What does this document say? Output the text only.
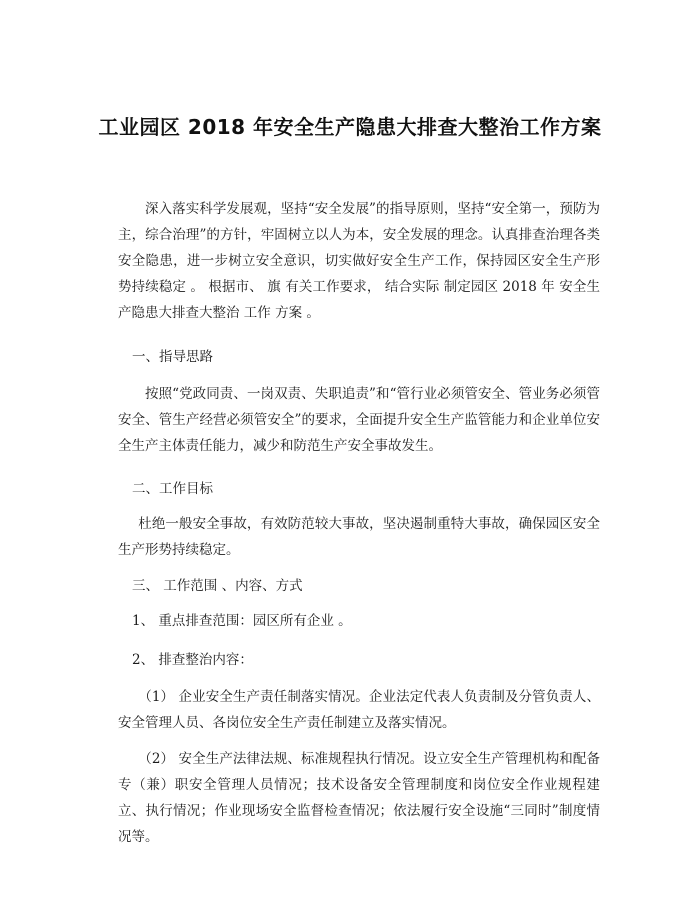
工业园区 2018 年安全生产隐患大排查大整治工作方案

深入落实科学发展观，坚持“安全发展”的指导原则，坚持“安全第一，预防为主，综合治理”的方针，牢固树立以人为本，安全发展的理念。认真排查治理各类安全隐患，进一步树立安全意识，切实做好安全生产工作，保持园区安全生产形势持续稳定 。 根据市、 旗 有关工作要求， 结合实际 制定园区 2018 年 安全生产隐患大排查大整治 工作 方案 。

一、指导思路

按照“党政同责、一岗双责、失职追责”和“管行业必须管安全、管业务必须管安全、管生产经营必须管安全”的要求，全面提升安全生产监管能力和企业单位安全生产主体责任能力，减少和防范生产安全事故发生。

二、工作目标

杜绝一般安全事故，有效防范较大事故，坚决遏制重特大事故，确保园区安全生产形势持续稳定。

三、 工作范围 、内容、方式
1、 重点排查范围：园区所有企业 。
2、 排查整治内容：

（1） 企业安全生产责任制落实情况。企业法定代表人负责制及分管负责人、安全管理人员、各岗位安全生产责任制建立及落实情况。

（2） 安全生产法律法规、标准规程执行情况。设立安全生产管理机构和配备专（兼）职安全管理人员情况；技术设备安全管理制度和岗位安全作业规程建立、执行情况；作业现场安全监督检查情况；依法履行安全设施“三同时”制度情况等。
